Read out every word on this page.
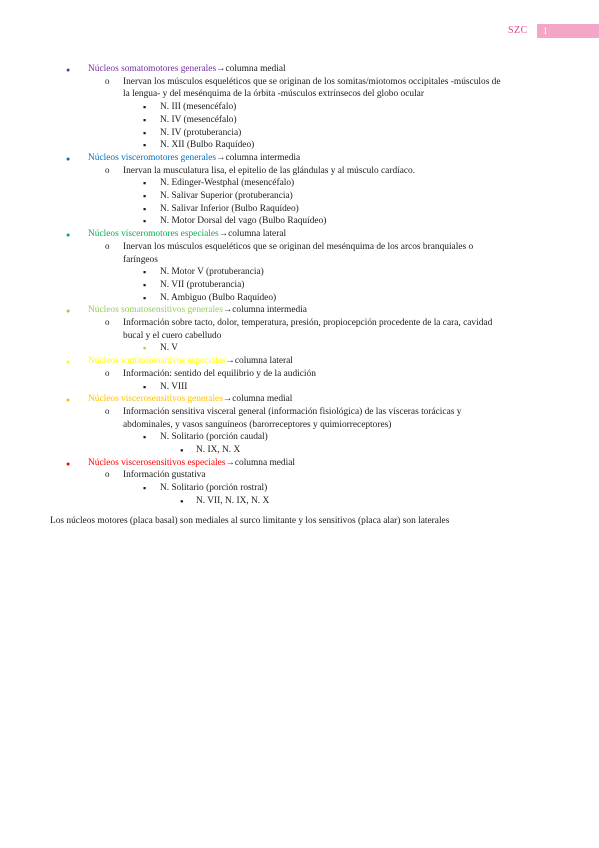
SZC	1
● Núcleos somatomotores generales→columna medial
o Inervan los músculos esqueléticos que se originan de los somitas/miotomos occipitales -músculos de
la lengua- y del mesénquima de la órbita -músculos extrínsecos del globo ocular
▪ N. III (mesencéfalo)
▪ N. IV (mesencéfalo)
▪ N. IV (protuberancia)
▪ N. XII (Bulbo Raquídeo)
● Núcleos visceromotores generales→columna intermedia
o Inervan la musculatura lisa, el epitelio de las glándulas y al músculo cardíaco.
▪ N. Edinger-Westphal (mesencéfalo)
▪ N. Salivar Superior (protuberancia)
▪ N. Salivar Inferior (Bulbo Raquídeo)
▪ N. Motor Dorsal del vago (Bulbo Raquídeo)
● Núcleos visceromotores especiales→columna lateral
o Inervan los músculos esqueléticos que se originan del mesénquima de los arcos branquiales o
faríngeos
▪ N. Motor V (protuberancia)
▪ N. VII (protuberancia)
▪ N. Ambiguo (Bulbo Raquídeo)
● Núcleos somatosensitivos generales→columna intermedia
o Información sobre tacto, dolor, temperatura, presión, propiocepción procedente de la cara, cavidad
bucal y el cuero cabelludo
▪ N. V
● Núcleos somatosensitivos especiales→columna lateral
o Información: sentido del equilibrio y de la audición
▪ N. VIII
● Núcleos viscerosensitivos generales→columna medial
o Información sensitiva visceral general (información fisiológica) de las vísceras torácicas y
abdominales, y vasos sanguíneos (barorreceptores y quimiorreceptores)
▪ N. Solitario (porción caudal)
● N. IX, N. X
● Núcleos viscerosensitivos especiales→columna medial
o Información gustativa
▪ N. Solitario (porción rostral)
● N. VII, N. IX, N. X

Los núcleos motores (placa basal) son mediales al surco limitante y los sensitivos (placa alar) son laterales
